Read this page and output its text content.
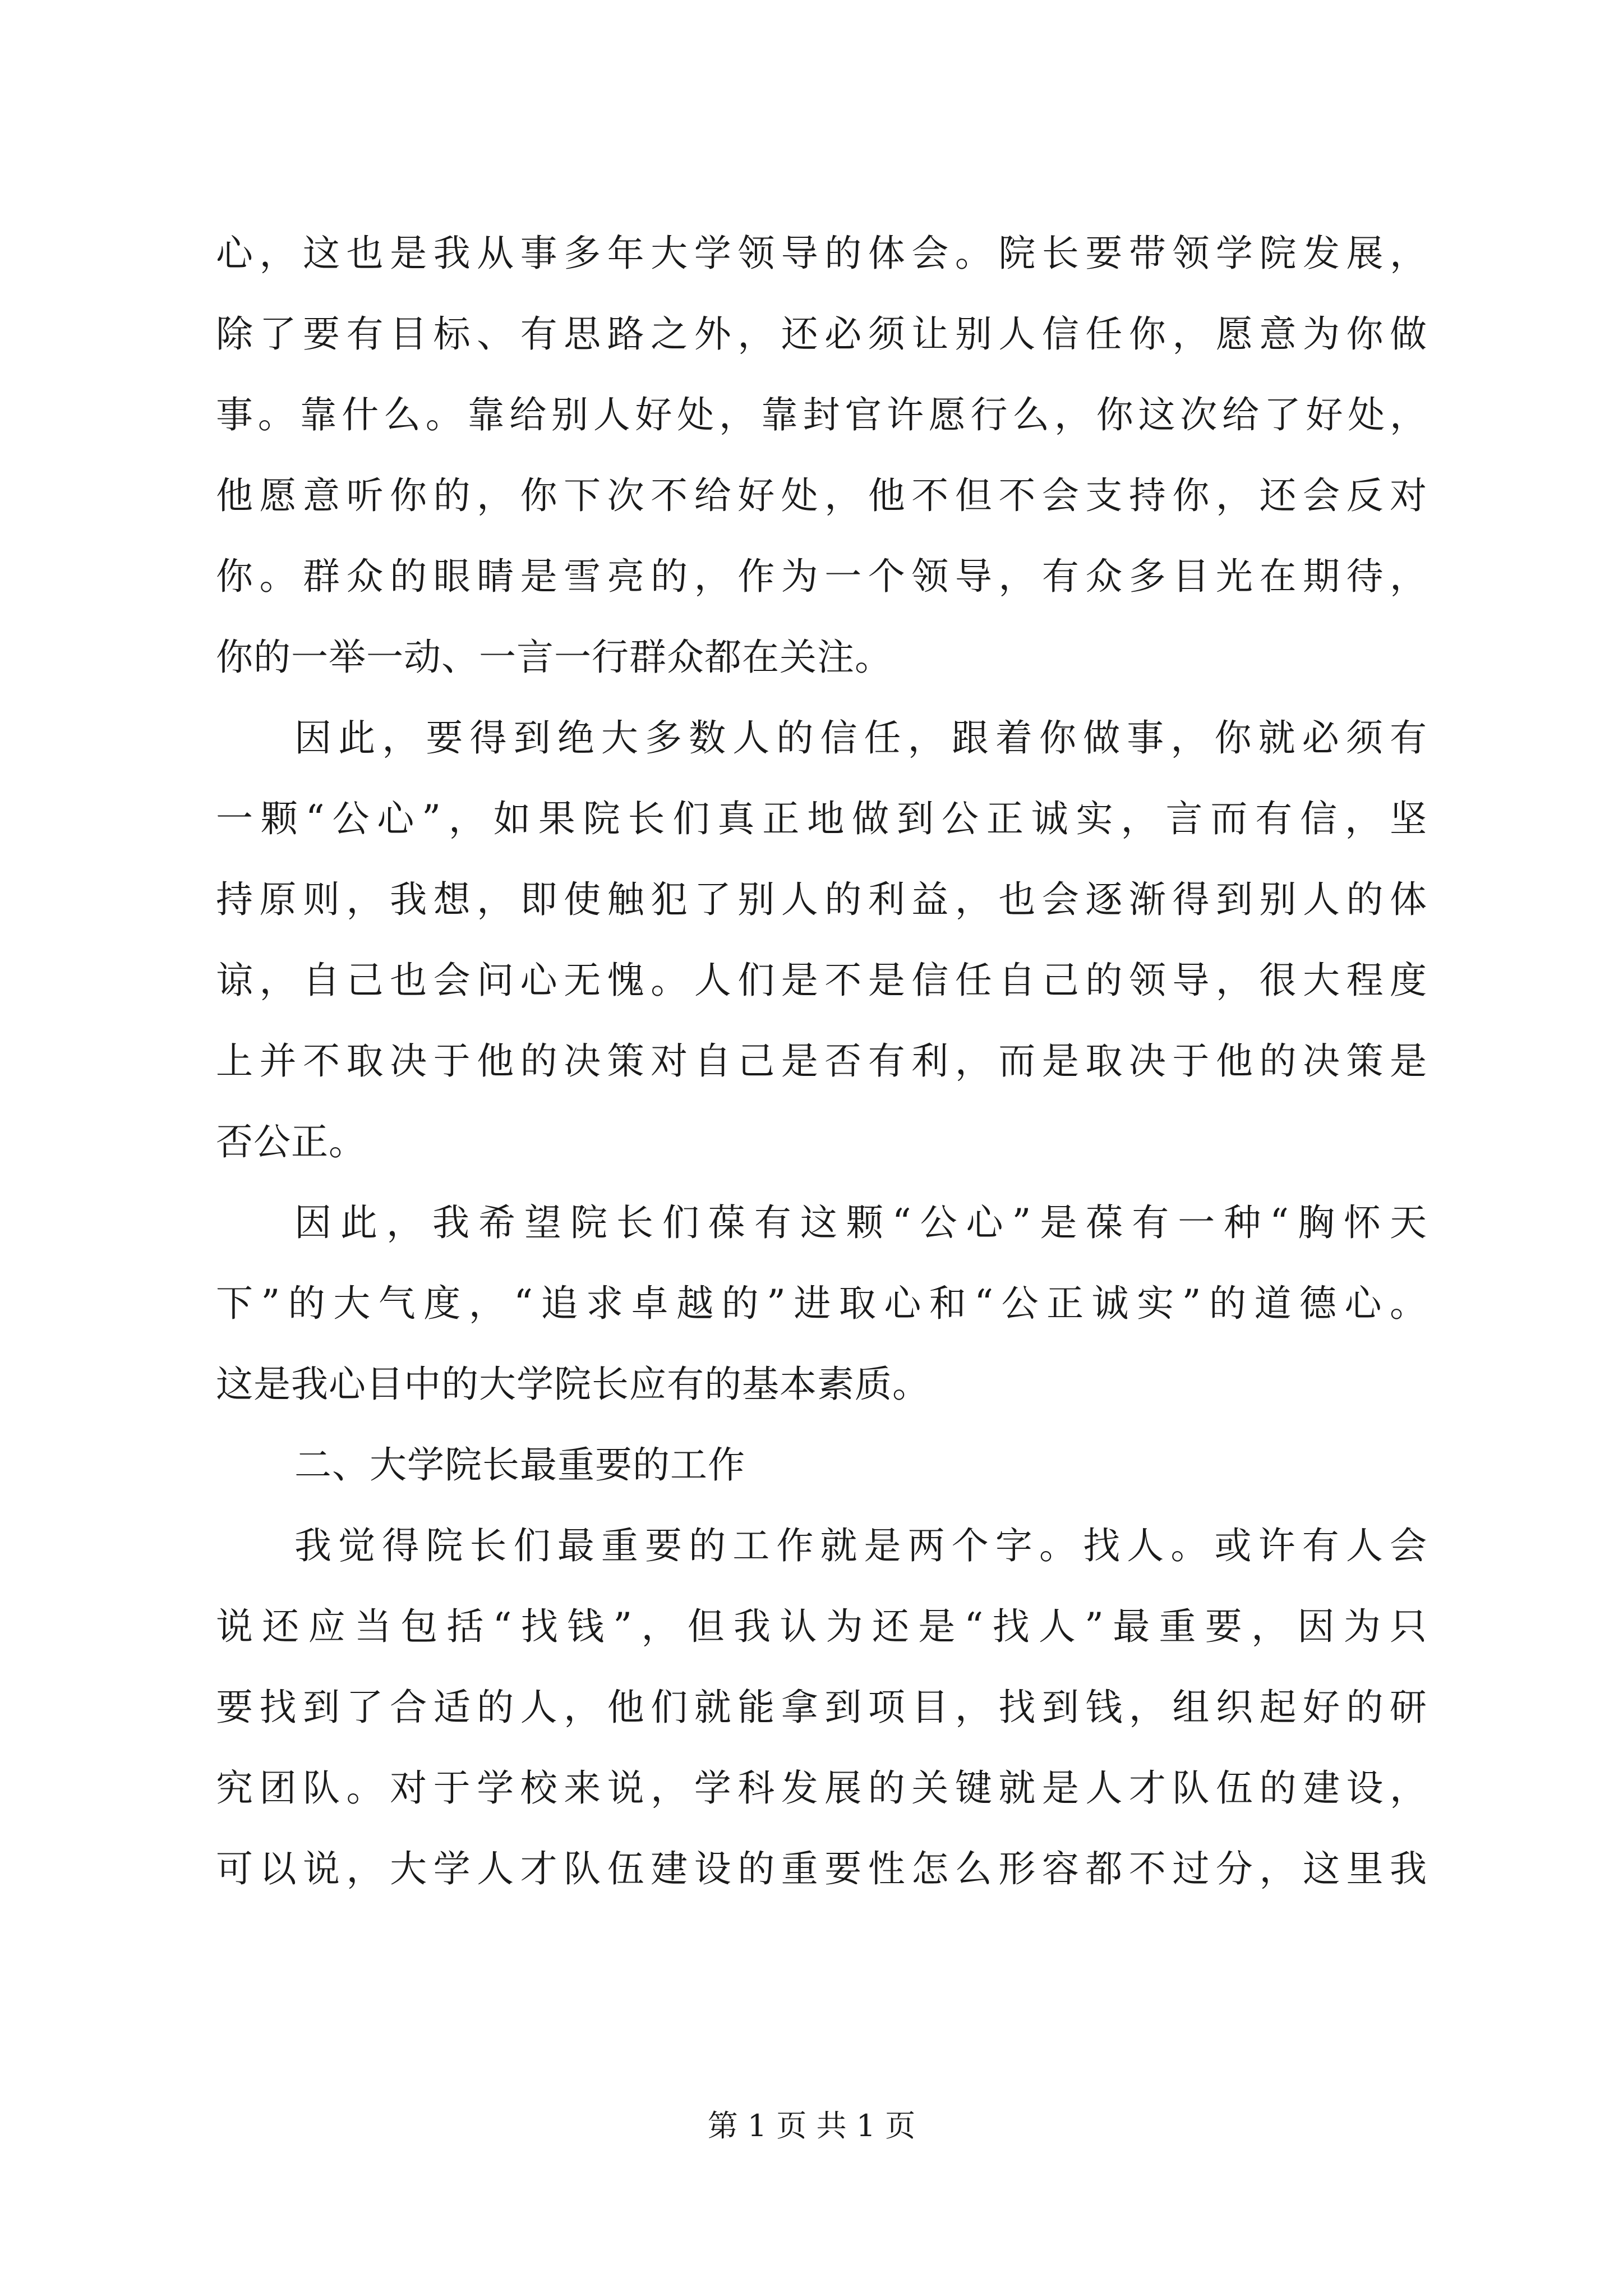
心，这也是我从事多年大学领导的体会。院长要带领学院发展，
除了要有目标、有思路之外，还必须让别人信任你，愿意为你做
事。靠什么。靠给别人好处，靠封官许愿行么，你这次给了好处，
他愿意听你的，你下次不给好处，他不但不会支持你，还会反对
你。群众的眼睛是雪亮的，作为一个领导，有众多目光在期待，
你的一举一动、一言一行群众都在关注。
因此，要得到绝大多数人的信任，跟着你做事，你就必须有
一颗“公心”，如果院长们真正地做到公正诚实，言而有信，坚
持原则，我想，即使触犯了别人的利益，也会逐渐得到别人的体
谅，自己也会问心无愧。人们是不是信任自己的领导，很大程度
上并不取决于他的决策对自己是否有利，而是取决于他的决策是
否公正。
因此，我希望院长们葆有这颗“公心”是葆有一种“胸怀天
下”的大气度，“追求卓越的”进取心和“公正诚实”的道德心。
这是我心目中的大学院长应有的基本素质。
二、大学院长最重要的工作
我觉得院长们最重要的工作就是两个字。找人。或许有人会
说还应当包括“找钱”，但我认为还是“找人”最重要，因为只
要找到了合适的人，他们就能拿到项目，找到钱，组织起好的研
究团队。对于学校来说，学科发展的关键就是人才队伍的建设，
可以说，大学人才队伍建设的重要性怎么形容都不过分，这里我
第 1 页 共 1 页
